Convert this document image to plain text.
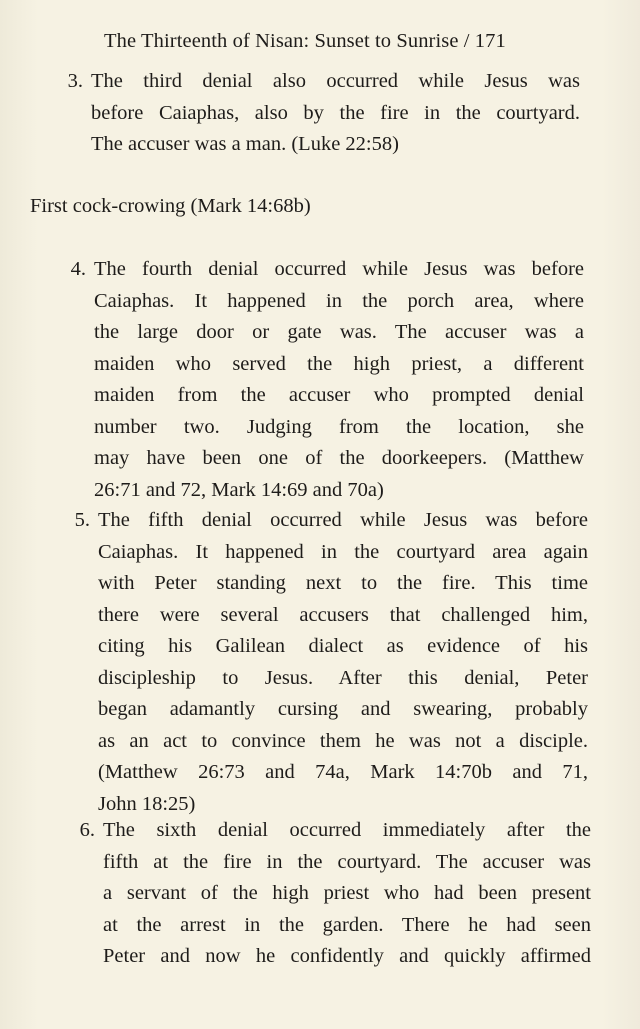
The Thirteenth of Nisan: Sunset to Sunrise / 171
3. The third denial also occurred while Jesus was
before Caiaphas, also by the fire in the courtyard.
The accuser was a man. (Luke 22:58)
First cock-crowing (Mark 14:68b)
4. The fourth denial occurred while Jesus was before
Caiaphas. It happened in the porch area, where
the large door or gate was. The accuser was a
maiden who served the high priest, a different
maiden from the accuser who prompted denial
number two. Judging from the location, she
may have been one of the doorkeepers. (Matthew
26:71 and 72, Mark 14:69 and 70a)
5. The fifth denial occurred while Jesus was before
Caiaphas. It happened in the courtyard area again
with Peter standing next to the fire. This time
there were several accusers that challenged him,
citing his Galilean dialect as evidence of his
discipleship to Jesus. After this denial, Peter
began adamantly cursing and swearing, probably
as an act to convince them he was not a disciple.
(Matthew 26:73 and 74a, Mark 14:70b and 71,
John 18:25)
6. The sixth denial occurred immediately after the
fifth at the fire in the courtyard. The accuser was
a servant of the high priest who had been present
at the arrest in the garden. There he had seen
Peter and now he confidently and quickly affirmed
